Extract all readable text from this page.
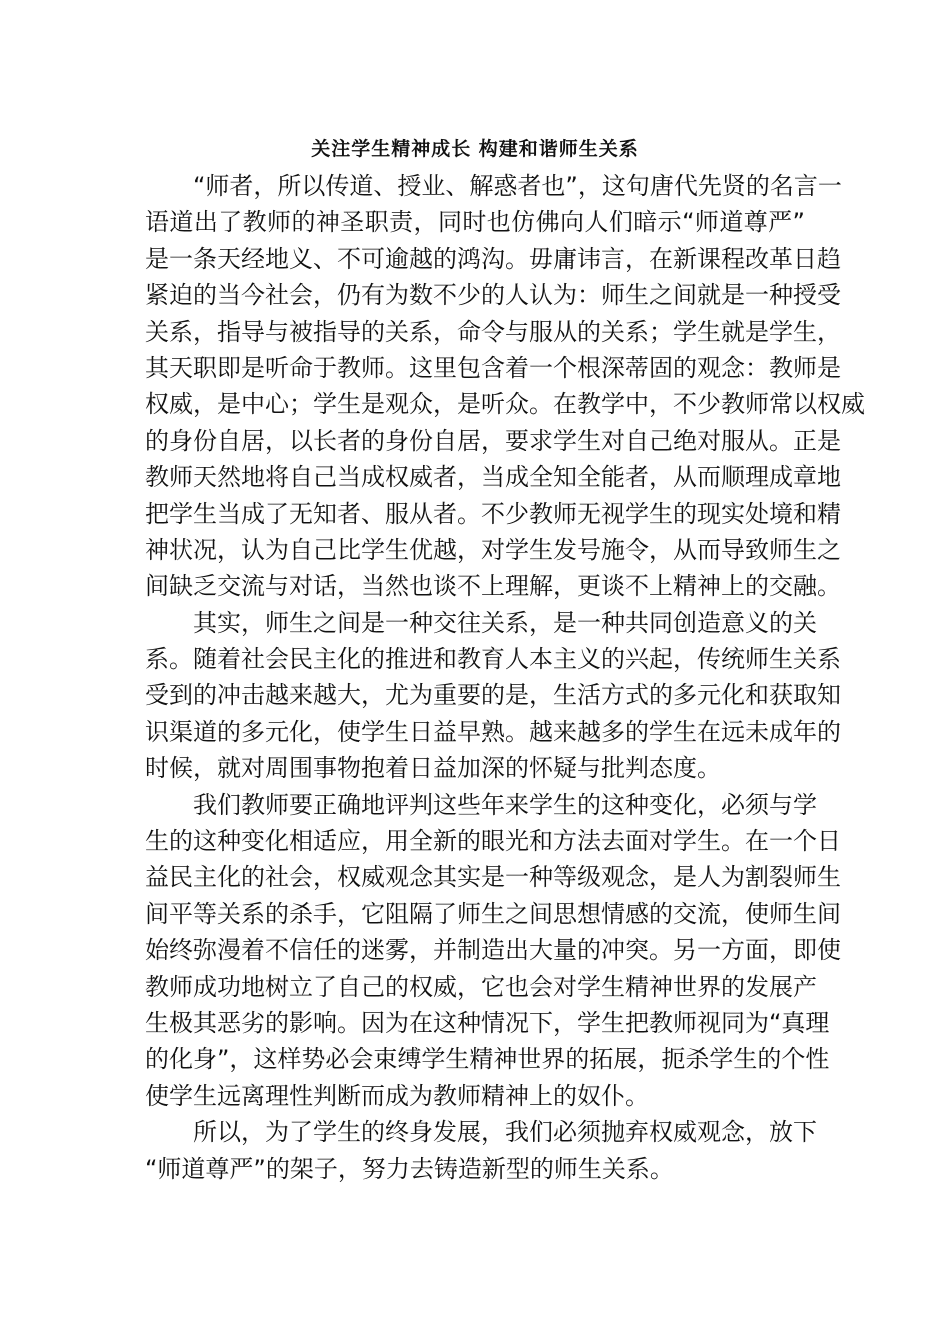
关注学生精神成长 构建和谐师生关系
“师者，所以传道、授业、解惑者也”，这句唐代先贤的名言一
语道出了教师的神圣职责，同时也仿佛向人们暗示“师道尊严”
是一条天经地义、不可逾越的鸿沟。毋庸讳言，在新课程改革日趋
紧迫的当今社会，仍有为数不少的人认为：师生之间就是一种授受
关系，指导与被指导的关系，命令与服从的关系；学生就是学生，
其天职即是听命于教师。这里包含着一个根深蒂固的观念：教师是
权威，是中心；学生是观众，是听众。在教学中，不少教师常以权威
的身份自居，以长者的身份自居，要求学生对自己绝对服从。正是
教师天然地将自己当成权威者，当成全知全能者，从而顺理成章地
把学生当成了无知者、服从者。不少教师无视学生的现实处境和精
神状况，认为自己比学生优越，对学生发号施令，从而导致师生之
间缺乏交流与对话，当然也谈不上理解，更谈不上精神上的交融。
其实，师生之间是一种交往关系，是一种共同创造意义的关
系。随着社会民主化的推进和教育人本主义的兴起，传统师生关系
受到的冲击越来越大，尤为重要的是，生活方式的多元化和获取知
识渠道的多元化，使学生日益早熟。越来越多的学生在远未成年的
时候，就对周围事物抱着日益加深的怀疑与批判态度。
我们教师要正确地评判这些年来学生的这种变化，必须与学
生的这种变化相适应，用全新的眼光和方法去面对学生。在一个日
益民主化的社会，权威观念其实是一种等级观念，是人为割裂师生
间平等关系的杀手，它阻隔了师生之间思想情感的交流，使师生间
始终弥漫着不信任的迷雾，并制造出大量的冲突。另一方面，即使
教师成功地树立了自己的权威，它也会对学生精神世界的发展产
生极其恶劣的影响。因为在这种情况下，学生把教师视同为“真理
的化身”，这样势必会束缚学生精神世界的拓展，扼杀学生的个性
使学生远离理性判断而成为教师精神上的奴仆。
所以，为了学生的终身发展，我们必须抛弃权威观念，放下
“师道尊严”的架子，努力去铸造新型的师生关系。
